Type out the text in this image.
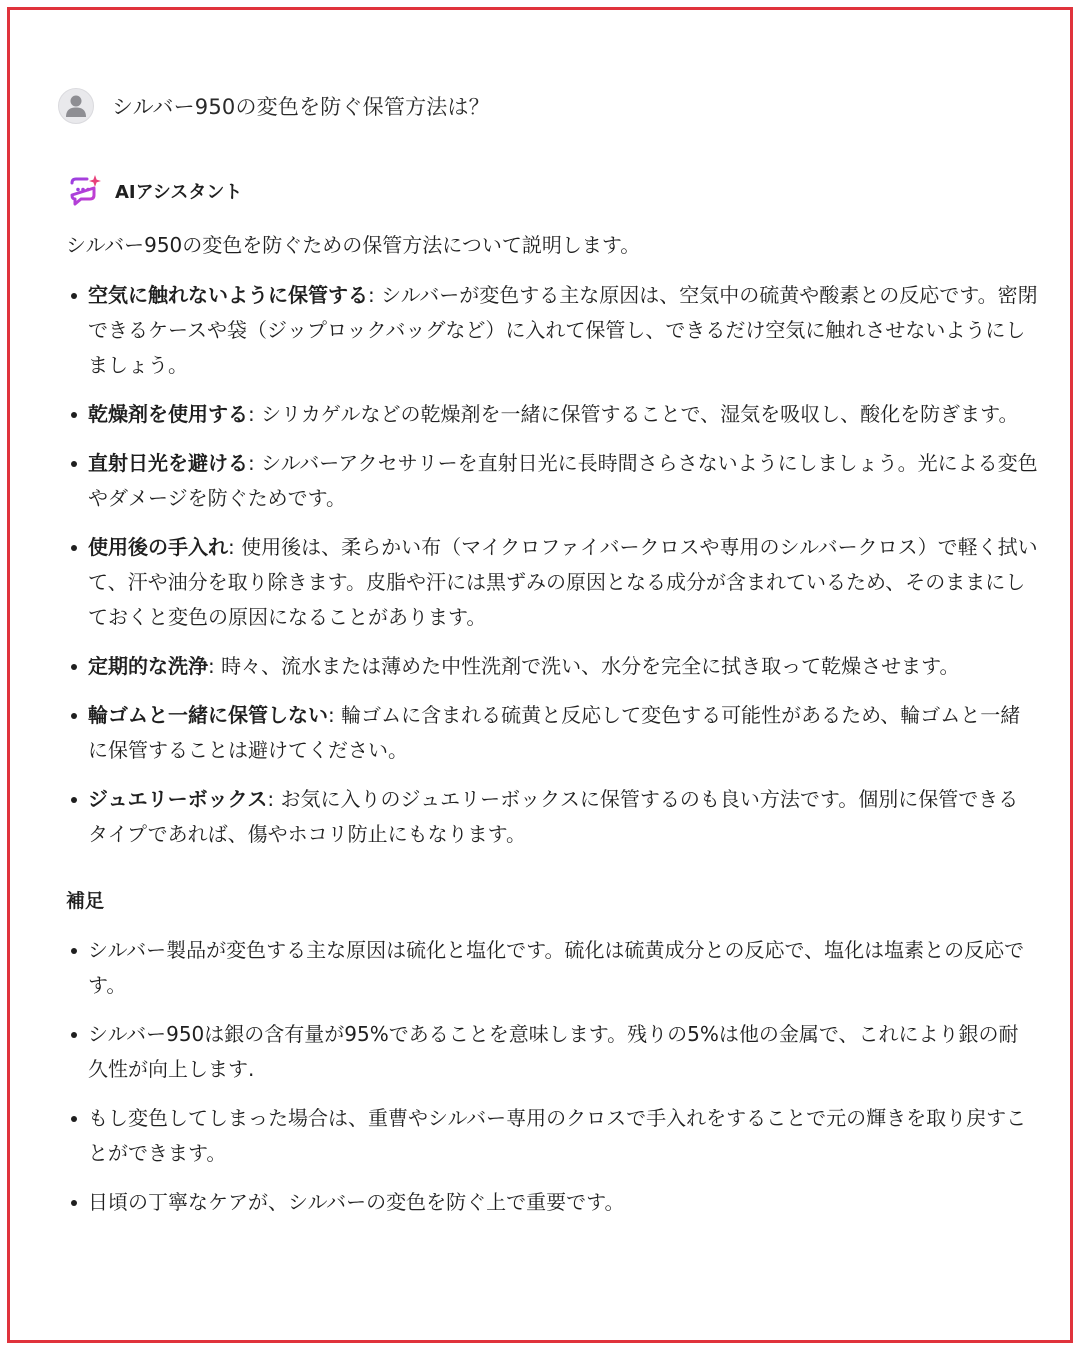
シルバー950の変色を防ぐ保管方法は？
AIアシスタント
シルバー950の変色を防ぐための保管方法について説明します。
空気に触れないように保管する: シルバーが変色する主な原因は、空気中の硫黄や酸素との反応です。密閉できるケースや袋（ジップロックバッグなど）に入れて保管し、できるだけ空気に触れさせないようにしましょう。
乾燥剤を使用する: シリカゲルなどの乾燥剤を一緒に保管することで、湿気を吸収し、酸化を防ぎます。
直射日光を避ける: シルバーアクセサリーを直射日光に長時間さらさないようにしましょう。光による変色やダメージを防ぐためです。
使用後の手入れ: 使用後は、柔らかい布（マイクロファイバークロスや専用のシルバークロス）で軽く拭いて、汗や油分を取り除きます。皮脂や汗には黒ずみの原因となる成分が含まれているため、そのままにしておくと変色の原因になることがあります。
定期的な洗浄: 時々、流水または薄めた中性洗剤で洗い、水分を完全に拭き取って乾燥させます。
輪ゴムと一緒に保管しない: 輪ゴムに含まれる硫黄と反応して変色する可能性があるため、輪ゴムと一緒に保管することは避けてください。
ジュエリーボックス: お気に入りのジュエリーボックスに保管するのも良い方法です。個別に保管できるタイプであれば、傷やホコリ防止にもなります。
補足
シルバー製品が変色する主な原因は硫化と塩化です。硫化は硫黄成分との反応で、塩化は塩素との反応です。
シルバー950は銀の含有量が95%であることを意味します。残りの5%は他の金属で、これにより銀の耐久性が向上します.
もし変色してしまった場合は、重曹やシルバー専用のクロスで手入れをすることで元の輝きを取り戻すことができます。
日頃の丁寧なケアが、シルバーの変色を防ぐ上で重要です。
